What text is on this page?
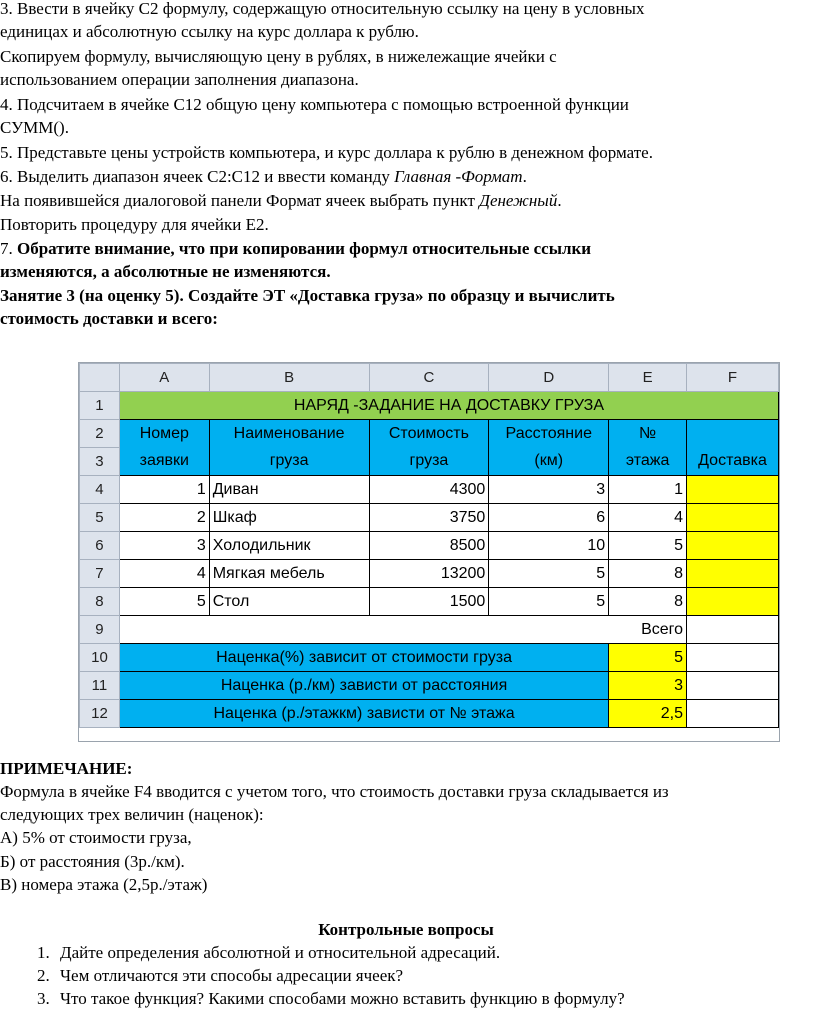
3. Ввести в ячейку С2 формулу, содержащую относительную ссылку на цену в условных
единицах и абсолютную ссылку на курс доллара к рублю.
Скопируем формулу, вычисляющую цену в рублях, в нижележащие ячейки с
использованием операции заполнения диапазона.
4. Подсчитаем в ячейке С12 общую цену компьютера с помощью встроенной функции
СУММ().
5. Представьте цены устройств компьютера, и курс доллара к рублю в денежном формате.
6. Выделить диапазон ячеек С2:С12 и ввести команду Главная -Формат.
На появившейся диалоговой панели Формат ячеек выбрать пункт Денежный.
Повторить процедуру для ячейки Е2.
7. Обратите внимание, что при копировании формул относительные ссылки
изменяются, а абсолютные не изменяются.
Занятие 3 (на оценку 5). Создайте ЭТ «Доставка груза» по образцу и вычислить
стоимость доставки и всего:
	A	B	C	D	E	F
1	НАРЯД -ЗАДАНИЕ НА ДОСТАВКУ ГРУЗА					
2	Номер	Наименование	Стоимость	Расстояние	№	
3	заявки	груза	груза	(км)	этажа	Доставка
4	1	Диван	4300	3	1	
5	2	Шкаф	3750	6	4	
6	3	Холодильник	8500	10	5	
7	4	Мягкая мебель	13200	5	8	
8	5	Стол	1500	5	8	
9	Всего					
10	Наценка(%) зависит от стоимости груза				5	
11	Наценка (р./км) зависти от расстояния				3	
12	Наценка (р./этажкм) зависти от № этажа				2,5	
ПРИМЕЧАНИЕ:
Формула в ячейке F4 вводится с учетом того, что стоимость доставки груза складывается из
следующих трех величин (наценок):
А) 5% от стоимости груза,
Б) от расстояния (3р./км).
В) номера этажа (2,5р./этаж)
Контрольные вопросы
1. Дайте определения абсолютной и относительной адресаций.
2. Чем отличаются эти способы адресации ячеек?
3. Что такое функция? Какими способами можно вставить функцию в формулу?
